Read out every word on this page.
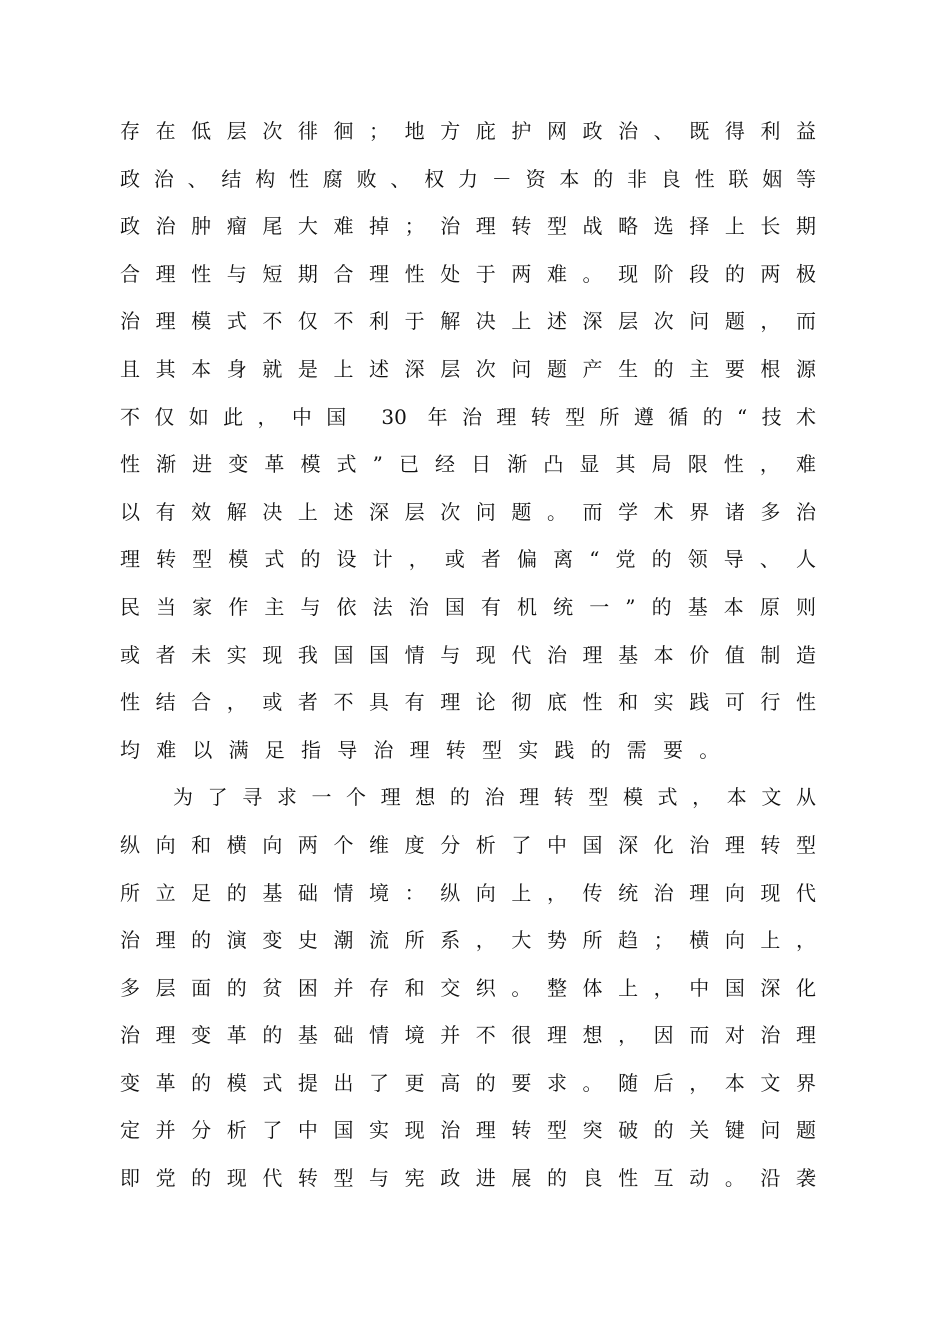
存在低层次徘徊；地方庇护网政治、既得利益
政治、结构性腐败、权力－资本的非良性联姻等
政治肿瘤尾大难掉；治理转型战略选择上长期
合理性与短期合理性处于两难。现阶段的两极
治理模式不仅不利于解决上述深层次问题，而
且其本身就是上述深层次问题产生的主要根源
不仅如此，中国 30 年治理转型所遵循的“技术
性渐进变革模式”已经日渐凸显其局限性，难
以有效解决上述深层次问题。而学术界诸多治
理转型模式的设计，或者偏离“党的领导、人
民当家作主与依法治国有机统一”的基本原则
或者未实现我国国情与现代治理基本价值制造
性结合，或者不具有理论彻底性和实践可行性
均难以满足指导治理转型实践的需要。
为了寻求一个理想的治理转型模式，本文从
纵向和横向两个维度分析了中国深化治理转型
所立足的基础情境：纵向上，传统治理向现代
治理的演变史潮流所系，大势所趋；横向上，
多层面的贫困并存和交织。整体上，中国深化
治理变革的基础情境并不很理想，因而对治理
变革的模式提出了更高的要求。随后，本文界
定并分析了中国实现治理转型突破的关键问题
即党的现代转型与宪政进展的良性互动。沿袭
